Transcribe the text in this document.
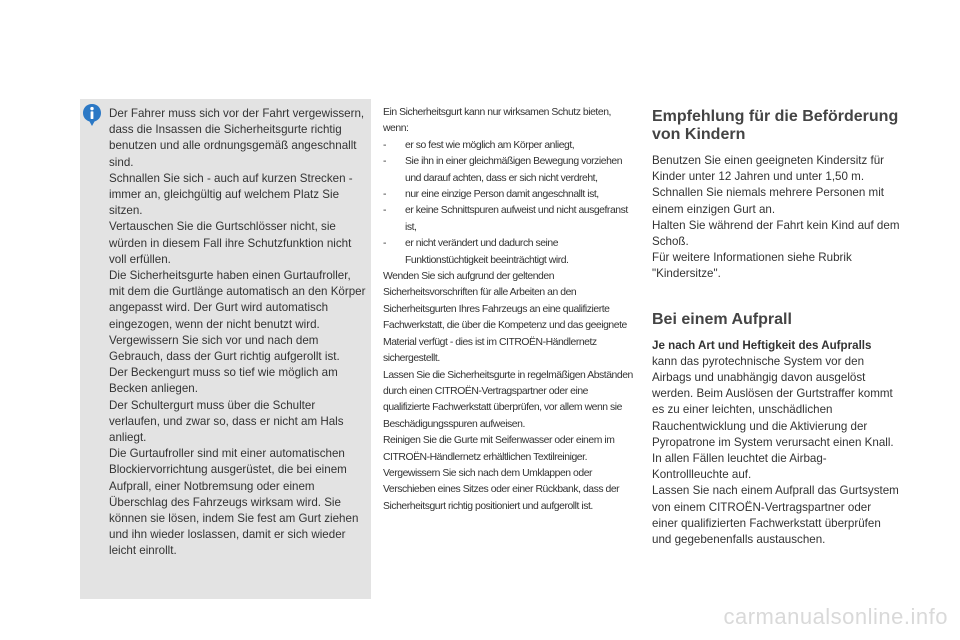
Der Fahrer muss sich vor der Fahrt vergewissern, dass die Insassen die Sicherheitsgurte richtig benutzen und alle ordnungsgemäß angeschnallt sind.

Schnallen Sie sich - auch auf kurzen Strecken - immer an, gleichgültig auf welchem Platz Sie sitzen.

Vertauschen Sie die Gurtschlösser nicht, sie würden in diesem Fall ihre Schutzfunktion nicht voll erfüllen.

Die Sicherheitsgurte haben einen Gurtaufroller, mit dem die Gurtlänge automatisch an den Körper angepasst wird. Der Gurt wird automatisch eingezogen, wenn der nicht benutzt wird.

Vergewissern Sie sich vor und nach dem Gebrauch, dass der Gurt richtig aufgerollt ist.

Der Beckengurt muss so tief wie möglich am Becken anliegen.

Der Schultergurt muss über die Schulter verlaufen, und zwar so, dass er nicht am Hals anliegt.

Die Gurtaufroller sind mit einer automatischen Blockiervorrichtung ausgerüstet, die bei einem Aufprall, einer Notbremsung oder einem Überschlag des Fahrzeugs wirksam wird. Sie können sie lösen, indem Sie fest am Gurt ziehen und ihn wieder loslassen, damit er sich wieder leicht einrollt.

Ein Sicherheitsgurt kann nur wirksamen Schutz bieten, wenn:

-	er so fest wie möglich am Körper anliegt,
-	Sie ihn in einer gleichmäßigen Bewegung vorziehen und darauf achten, dass er sich nicht verdreht,
-	nur eine einzige Person damit angeschnallt ist,
-	er keine Schnittspuren aufweist und nicht ausgefranst ist,
-	er nicht verändert und dadurch seine Funktionstüchtigkeit beeinträchtigt wird.

Wenden Sie sich aufgrund der geltenden Sicherheitsvorschriften für alle Arbeiten an den Sicherheitsgurten Ihres Fahrzeugs an eine qualifizierte Fachwerkstatt, die über die Kompetenz und das geeignete Material verfügt - dies ist im CITROËN-Händlernetz sichergestellt.

Lassen Sie die Sicherheitsgurte in regelmäßigen Abständen durch einen CITROËN-Vertragspartner oder eine qualifizierte Fachwerkstatt überprüfen, vor allem wenn sie Beschädigungsspuren aufweisen.

Reinigen Sie die Gurte mit Seifenwasser oder einem im CITROËN-Händlernetz erhältlichen Textilreiniger.

Vergewissern Sie sich nach dem Umklappen oder Verschieben eines Sitzes oder einer Rückbank, dass der Sicherheitsgurt richtig positioniert und aufgerollt ist.

Empfehlung für die Beförderung von Kindern

Benutzen Sie einen geeigneten Kindersitz für Kinder unter 12 Jahren und unter 1,50 m.

Schnallen Sie niemals mehrere Personen mit einem einzigen Gurt an.

Halten Sie während der Fahrt kein Kind auf dem Schoß.

Für weitere Informationen siehe Rubrik "Kindersitze".

Bei einem Aufprall

Je nach Art und Heftigkeit des Aufpralls

kann das pyrotechnische System vor den Airbags und unabhängig davon ausgelöst werden. Beim Auslösen der Gurtstraffer kommt es zu einer leichten, unschädlichen Rauchentwicklung und die Aktivierung der Pyropatrone im System verursacht einen Knall.

In allen Fällen leuchtet die Airbag-Kontrollleuchte auf.

Lassen Sie nach einem Aufprall das Gurtsystem von einem CITROËN-Vertragspartner oder einer qualifizierten Fachwerkstatt überprüfen und gegebenenfalls austauschen.

carmanualsonline.info
